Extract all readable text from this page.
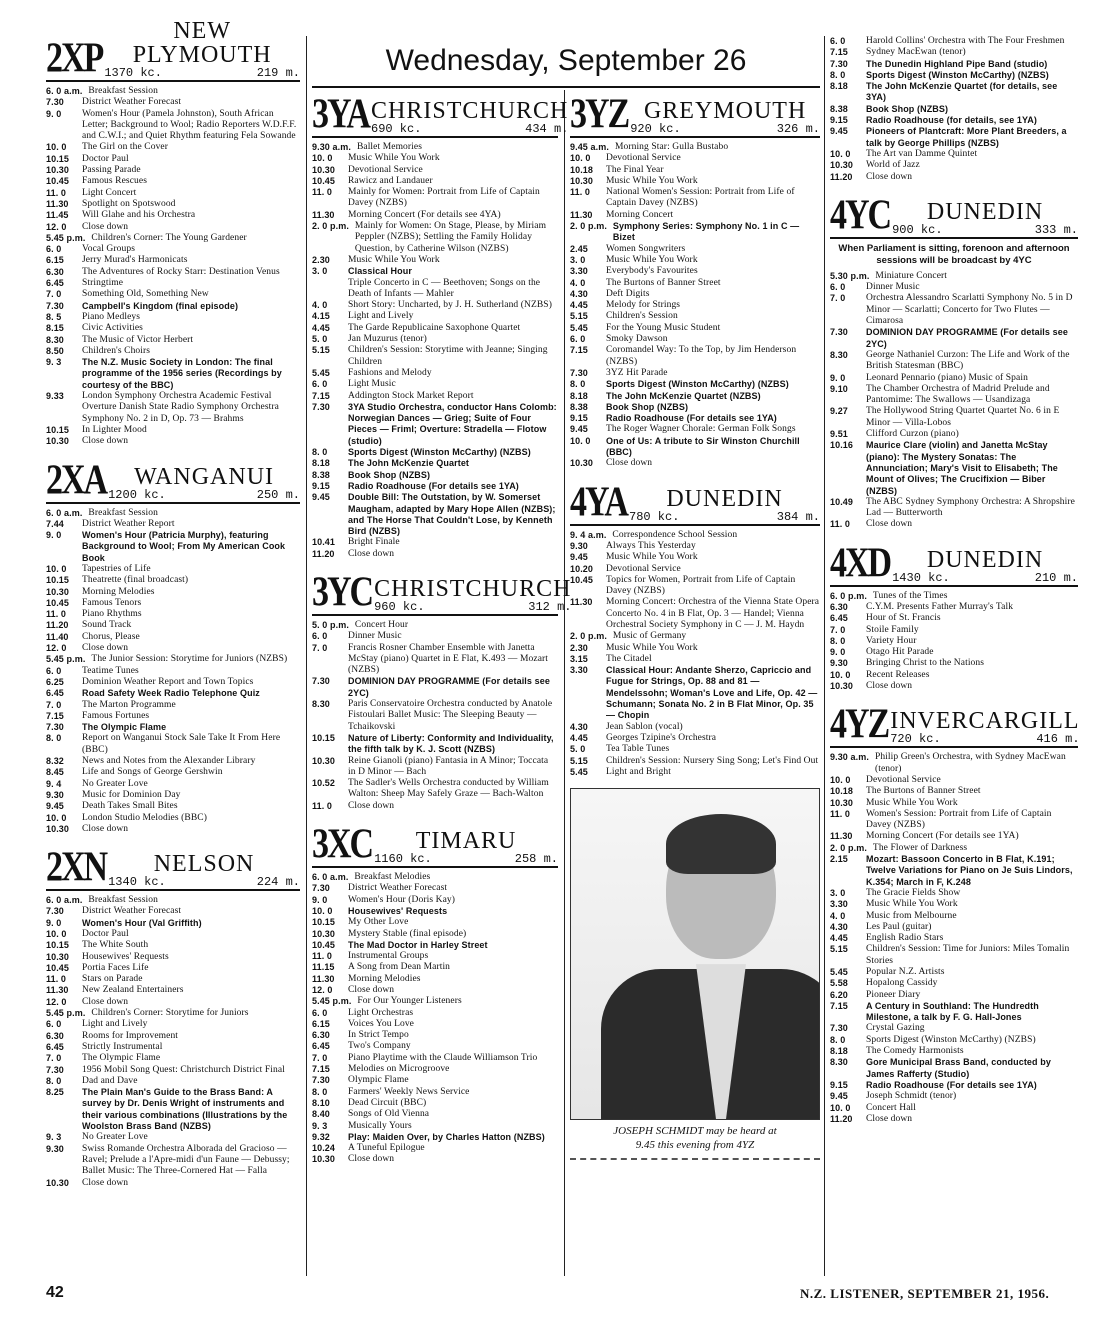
Wednesday, September 26
2XP
NEW PLYMOUTH
1370 kc.	219 m.
6. 0 a.m. Breakfast Session
7.30	District Weather Forecast
9. 0	Women's Hour (Pamela Johnston), South African Letter; Background to Wool; Radio Reporters W.D.F.F. and C.W.I.; and Quiet Rhythm featuring Fela Sowande
10. 0	The Girl on the Cover
10.15	Doctor Paul
10.30	Passing Parade
10.45	Famous Rescues
11. 0	Light Concert
11.30	Spotlight on Spotswood
11.45	Will Glahe and his Orchestra
12. 0	Close down
5.45 p.m. Children's Corner: The Young Gardener
6. 0	Vocal Groups
6.15	Jerry Murad's Harmonicats
6.30	The Adventures of Rocky Starr: Destination Venus
6.45	Stringtime
7. 0	Something Old, Something New
7.30	Campbell's Kingdom (final episode)
8. 5	Piano Medleys
8.15	Civic Activities
8.30	The Music of Victor Herbert
8.50	Children's Choirs
9. 3	The N.Z. Music Society in London: The final programme of the 1956 series (Recordings by courtesy of the BBC)
9.33	London Symphony Orchestra Academic Festival Overture Danish State Radio Symphony Orchestra Symphony No. 2 in D, Op. 73 — Brahms
10.15	In Lighter Mood
10.30	Close down
2XA	WANGANUI
1200 kc.	250 m.
6. 0 a.m. Breakfast Session
7.44	District Weather Report
9. 0	Women's Hour (Patricia Murphy), featuring Background to Wool; From My American Cook Book
10. 0	Tapestries of Life
10.15	Theatrette (final broadcast)
10.30	Morning Melodies
10.45	Famous Tenors
11. 0	Piano Rhythms
11.20	Sound Track
11.40	Chorus, Please
12. 0	Close down
5.45 p.m. The Junior Session: Storytime for Juniors (NZBS)
6. 0	Teatime Tunes
6.25	Dominion Weather Report and Town Topics
6.45	Road Safety Week Radio Telephone Quiz
7. 0	The Marton Programme
7.15	Famous Fortunes
7.30	The Olympic Flame
8. 0	Report on Wanganui Stock Sale Take It From Here (BBC)
8.32	News and Notes from the Alexander Library
8.45	Life and Songs of George Gershwin
9. 4	No Greater Love
9.30	Music for Dominion Day
9.45	Death Takes Small Bites
10. 0	London Studio Melodies (BBC)
10.30	Close down
2XN	NELSON
1340 kc.	224 m.
6. 0 a.m. Breakfast Session
7.30	District Weather Forecast
9. 0	Women's Hour (Val Griffith)
10. 0	Doctor Paul
10.15	The White South
10.30	Housewives' Requests
10.45	Portia Faces Life
11. 0	Stars on Parade
11.30	New Zealand Entertainers
12. 0	Close down
5.45 p.m. Children's Corner: Storytime for Juniors
6. 0	Light and Lively
6.30	Rooms for Improvement
6.45	Strictly Instrumental
7. 0	The Olympic Flame
7.30	1956 Mobil Song Quest: Christchurch District Final
8. 0	Dad and Dave
8.25	The Plain Man's Guide to the Brass Band: A survey by Dr. Denis Wright of instruments and their various combinations (Illustrations by the Woolston Brass Band (NZBS)
9. 3	No Greater Love
9.30	Swiss Romande Orchestra Alborada del Gracioso — Ravel; Prelude a l'Apre-midi d'un Faune — Debussy; Ballet Music: The Three-Cornered Hat — Falla
10.30	Close down
3YA CHRISTCHURCH
690 kc.	434 m.
9.30 a.m. Ballet Memories
10. 0	Music While You Work
10.30	Devotional Service
10.45	Rawicz and Landauer
11. 0	Mainly for Women: Portrait from Life of Captain Davey (NZBS)
11.30	Morning Concert (For details see 4YA)
2. 0 p.m. Mainly for Women: On Stage, Please, by Miriam Peppler (NZBS); Settling the Family Holiday Question, by Catherine Wilson (NZBS)
2.30	Music While You Work
3. 0	Classical Hour
Triple Concerto in C — Beethoven; Songs on the Death of Infants — Mahler
4. 0	Short Story: Uncharted, by J. H. Sutherland (NZBS)
4.15	Light and Lively
4.45	The Garde Republicaine Saxophone Quartet
5. 0	Jan Muzurus (tenor)
5.15	Children's Session: Storytime with Jeanne; Singing Children
5.45	Fashions and Melody
6. 0	Light Music
7.15	Addington Stock Market Report
7.30	3YA Studio Orchestra, conductor Hans Colomb: Norwegian Dances — Grieg; Suite of Four Pieces — Friml; Overture: Stradella — Flotow (studio)
8. 0	Sports Digest (Winston McCarthy) (NZBS)
8.18	The John McKenzie Quartet
8.38	Book Shop (NZBS)
9.15	Radio Roadhouse (For details see 1YA)
9.45	Double Bill: The Outstation, by W. Somerset Maugham, adapted by Mary Hope Allen (NZBS); and The Horse That Couldn't Lose, by Kenneth Bird (NZBS)
10.41	Bright Finale
11.20	Close down
3YC CHRISTCHURCH
960 kc.	312 m.
5. 0 p.m. Concert Hour
6. 0	Dinner Music
7. 0	Francis Rosner Chamber Ensemble with Janetta McStay (piano) Quartet in E Flat, K.493 — Mozart (NZBS)
7.30	DOMINION DAY PROGRAMME (For details see 2YC)
8.30	Paris Conservatoire Orchestra conducted by Anatole Fistoulari Ballet Music: The Sleeping Beauty — Tchaikovski
10.15	Nature of Liberty: Conformity and Individuality, the fifth talk by K. J. Scott (NZBS)
10.30	Reine Gianoli (piano) Fantasia in A Minor; Toccata in D Minor — Bach
10.52	The Sadler's Wells Orchestra conducted by William Walton: Sheep May Safely Graze — Bach-Walton
11. 0	Close down
3XC	TIMARU
1160 kc.	258 m.
6. 0 a.m. Breakfast Melodies
7.30	District Weather Forecast
9. 0	Women's Hour (Doris Kay)
10. 0	Housewives' Requests
10.15	My Other Love
10.30	Mystery Stable (final episode)
10.45	The Mad Doctor in Harley Street
11. 0	Instrumental Groups
11.15	A Song from Dean Martin
11.30	Morning Melodies
12. 0	Close down
5.45 p.m. For Our Younger Listeners
6. 0	Light Orchestras
6.15	Voices You Love
6.30	In Strict Tempo
6.45	Two's Company
7. 0	Piano Playtime with the Claude Williamson Trio
7.15	Melodies on Microgroove
7.30	Olympic Flame
8. 0	Farmers' Weekly News Service
8.10	Dead Circuit (BBC)
8.40	Songs of Old Vienna
9. 3	Musically Yours
9.32	Play: Maiden Over, by Charles Hatton (NZBS)
10.24	A Tuneful Epilogue
10.30	Close down
3YZ GREYMOUTH
920 kc.	326 m.
9.45 a.m. Morning Star: Gulla Bustabo
10. 0	Devotional Service
10.18	The Final Year
10.30	Music While You Work
11. 0	National Women's Session: Portrait from Life of Captain Davey (NZBS)
11.30	Morning Concert
2. 0 p.m. Symphony Series: Symphony No. 1 in C — Bizet
2.45	Women Songwriters
3. 0	Music While You Work
3.30	Everybody's Favourites
4. 0	The Burtons of Banner Street
4.30	Deft Digits
4.45	Melody for Strings
5.15	Children's Session
5.45	For the Young Music Student
6. 0	Smoky Dawson
7.15	Coromandel Way: To the Top, by Jim Henderson (NZBS)
7.30	3YZ Hit Parade
8. 0	Sports Digest (Winston McCarthy) (NZBS)
8.18	The John McKenzie Quartet (NZBS)
8.38	Book Shop (NZBS)
9.15	Radio Roadhouse (For details see 1YA)
9.45	The Roger Wagner Chorale: German Folk Songs
10. 0	One of Us: A tribute to Sir Winston Churchill (BBC)
10.30	Close down
4YA	DUNEDIN
780 kc.	384 m.
9. 4 a.m. Correspondence School Session
9.30	Always This Yesterday
9.45	Music While You Work
10.20	Devotional Service
10.45	Topics for Women, Portrait from Life of Captain Davey (NZBS)
11.30	Morning Concert: Orchestra of the Vienna State Opera Concerto No. 4 in B Flat, Op. 3 — Handel; Vienna Orchestral Society Symphony in C — J. M. Haydn
2. 0 p.m. Music of Germany
2.30	Music While You Work
3.15	The Citadel
3.30	Classical Hour: Andante Sherzo, Capriccio and Fugue for Strings, Op. 88 and 81 — Mendelssohn; Woman's Love and Life, Op. 42 — Schumann; Sonata No. 2 in B Flat Minor, Op. 35 — Chopin
4.30	Jean Sablon (vocal)
4.45	Georges Tzipine's Orchestra
5. 0	Tea Table Tunes
5.15	Children's Session: Nursery Sing Song; Let's Find Out
5.45	Light and Bright
JOSEPH SCHMIDT may be heard at
9.45 this evening from 4YZ
6. 0	Harold Collins' Orchestra with The Four Freshmen
7.15	Sydney MacEwan (tenor)
7.30	The Dunedin Highland Pipe Band (studio)
8. 0	Sports Digest (Winston McCarthy) (NZBS)
8.18	The John McKenzie Quartet (for details, see 3YA)
8.38	Book Shop (NZBS)
9.15	Radio Roadhouse (for details, see 1YA)
9.45	Pioneers of Plantcraft: More Plant Breeders, a talk by George Phillips (NZBS)
10. 0	The Art van Damme Quintet
10.30	World of Jazz
11.20	Close down
4YC	DUNEDIN
900 kc.	333 m.
When Parliament is sitting, forenoon and afternoon sessions will be broadcast by 4YC
5.30 p.m. Miniature Concert
6. 0	Dinner Music
7. 0	Orchestra Alessandro Scarlatti Symphony No. 5 in D Minor — Scarlatti; Concerto for Two Flutes — Cimarosa
7.30	DOMINION DAY PROGRAMME (For details see 2YC)
8.30	George Nathaniel Curzon: The Life and Work of the British Statesman (BBC)
9. 0	Leonard Pennario (piano) Music of Spain
9.10	The Chamber Orchestra of Madrid Prelude and Pantomime: The Swallows — Usandizaga
9.27	The Hollywood String Quartet Quartet No. 6 in E Minor — Villa-Lobos
9.51	Clifford Curzon (piano)
10.16	Maurice Clare (violin) and Janetta McStay (piano): The Mystery Sonatas: The Annunciation; Mary's Visit to Elisabeth; The Mount of Olives; The Crucifixion — Biber (NZBS)
10.49	The ABC Sydney Symphony Orchestra: A Shropshire Lad — Butterworth
11. 0	Close down
4XD	DUNEDIN
1430 kc.	210 m.
6. 0 p.m. Tunes of the Times
6.30	C.Y.M. Presents Father Murray's Talk
6.45	Hour of St. Francis
7. 0	Stoile Family
8. 0	Variety Hour
9. 0	Otago Hit Parade
9.30	Bringing Christ to the Nations
10. 0	Recent Releases
10.30	Close down
4YZ INVERCARGILL
720 kc.	416 m.
9.30 a.m. Philip Green's Orchestra, with Sydney MacEwan (tenor)
10. 0	Devotional Service
10.18	The Burtons of Banner Street
10.30	Music While You Work
11. 0	Women's Session: Portrait from Life of Captain Davey (NZBS)
11.30	Morning Concert (For details see 1YA)
2. 0 p.m. The Flower of Darkness
2.15	Mozart: Bassoon Concerto in B Flat, K.191; Twelve Variations for Piano on Je Suis Lindors, K.354; March in F, K.248
3. 0	The Gracie Fields Show
3.30	Music While You Work
4. 0	Music from Melbourne
4.30	Les Paul (guitar)
4.45	English Radio Stars
5.15	Children's Session: Time for Juniors: Miles Tomalin Stories
5.45	Popular N.Z. Artists
5.58	Hopalong Cassidy
6.20	Pioneer Diary
7.15	A Century in Southland: The Hundredth Milestone, a talk by F. G. Hall-Jones
7.30	Crystal Gazing
8. 0	Sports Digest (Winston McCarthy) (NZBS)
8.18	The Comedy Harmonists
8.30	Gore Municipal Brass Band, conducted by James Rafferty (Studio)
9.15	Radio Roadhouse (For details see 1YA)
9.45	Joseph Schmidt (tenor)
10. 0	Concert Hall
11.20	Close down
42	N.Z. LISTENER, SEPTEMBER 21, 1956.
